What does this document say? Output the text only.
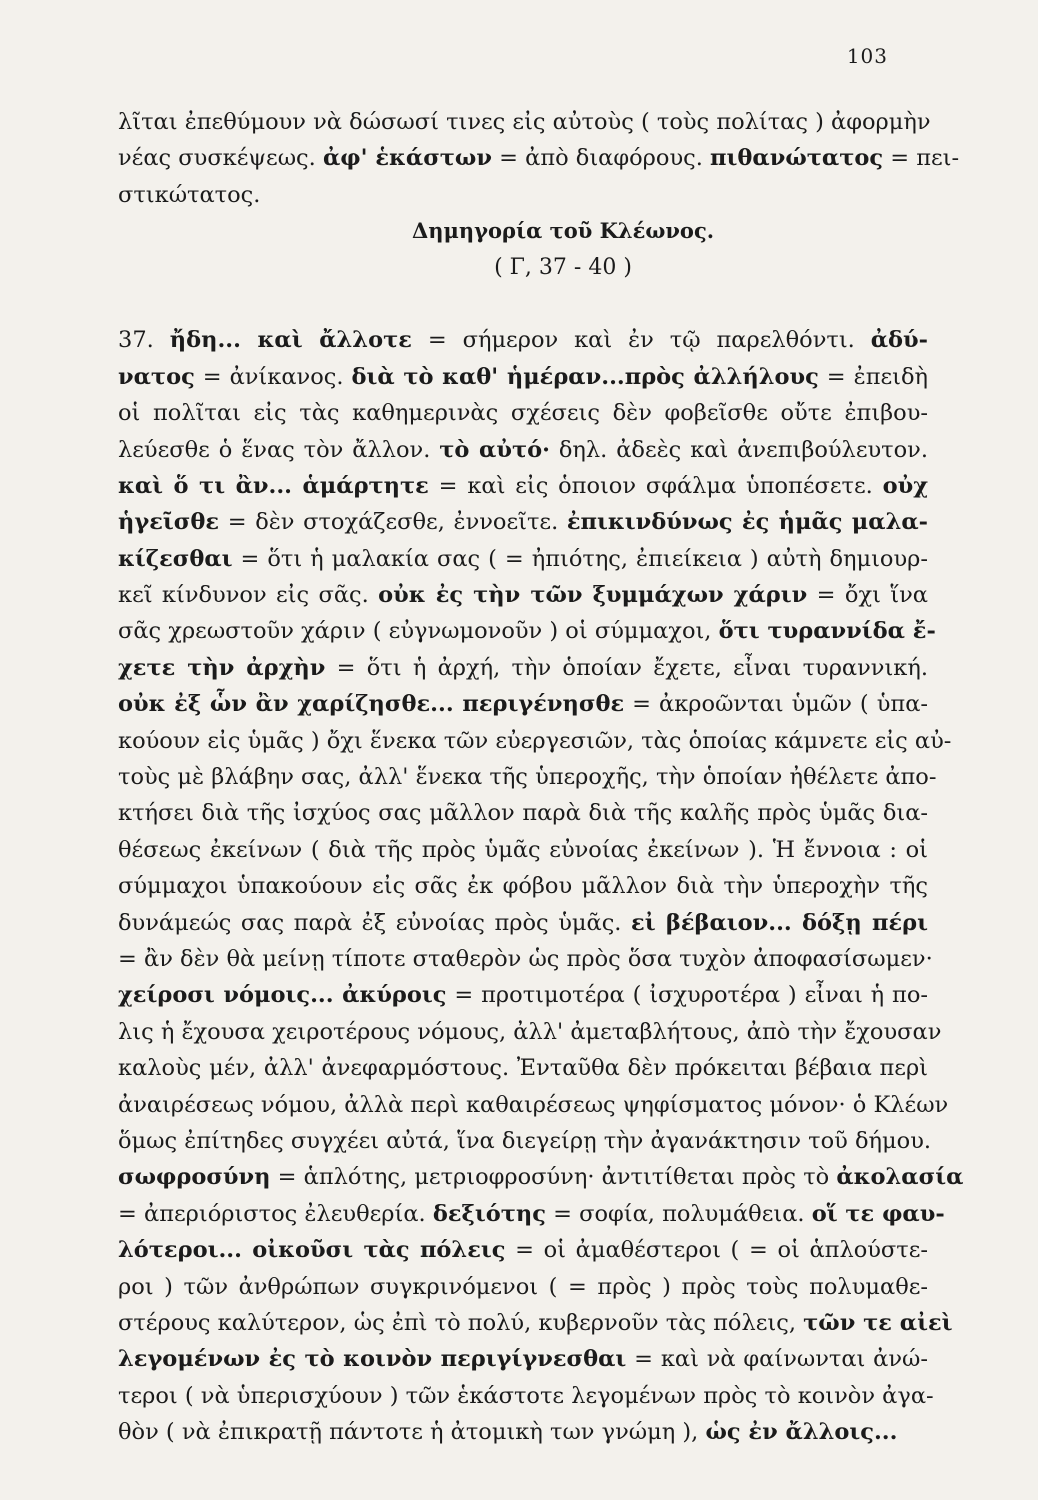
103
λῖται ἐπεθύμουν νὰ δώσωσί τινες εἰς αὐτοὺς ( τοὺς πολίτας ) ἀφορμὴν
νέας συσκέψεως. ἀφ' ἑκάστων = ἀπὸ διαφόρους. πιθανώτατος = πει-
στικώτατος.
Δημηγορία τοῦ Κλέωνος.
( Γ, 37 - 40 )
37. ἤδη... καὶ ἄλλοτε = σήμερον καὶ ἐν τῷ παρελθόντι. ἀδύ-
νατος = ἀνίκανος. διὰ τὸ καθ' ἡμέραν...πρὸς ἀλλήλους = ἐπειδὴ
οἱ πολῖται εἰς τὰς καθημερινὰς σχέσεις δὲν φοβεῖσθε οὔτε ἐπιβου-
λεύεσθε ὁ ἕνας τὸν ἄλλον. τὸ αὐτό· δηλ. ἀδεὲς καὶ ἀνεπιβούλευτον.
καὶ ὅ τι ἂν... ἁμάρτητε = καὶ εἰς ὁποιον σφάλμα ὑποπέσετε. οὐχ
ἡγεῖσθε = δὲν στοχάζεσθε, ἐννοεῖτε. ἐπικινδύνως ἐς ἡμᾶς μαλα-
κίζεσθαι = ὅτι ἡ μαλακία σας ( = ἠπιότης, ἐπιείκεια ) αὐτὴ δημιουρ-
κεῖ κίνδυνον εἰς σᾶς. οὐκ ἐς τὴν τῶν ξυμμάχων χάριν = ὄχι ἵνα
σᾶς χρεωστοῦν χάριν ( εὐγνωμονοῦν ) οἱ σύμμαχοι, ὅτι τυραννίδα ἔ-
χετε τὴν ἀρχὴν = ὅτι ἡ ἀρχή, τὴν ὁποίαν ἔχετε, εἶναι τυραννική.
οὐκ ἐξ ὧν ἂν χαρίζησθε... περιγένησθε = ἀκροῶνται ὑμῶν ( ὑπα-
κούουν εἰς ὑμᾶς ) ὄχι ἕνεκα τῶν εὐεργεσιῶν, τὰς ὁποίας κάμνετε εἰς αὐ-
τοὺς μὲ βλάβην σας, ἀλλ' ἕνεκα τῆς ὑπεροχῆς, τὴν ὁποίαν ἠθέλετε ἀπο-
κτήσει διὰ τῆς ἰσχύος σας μᾶλλον παρὰ διὰ τῆς καλῆς πρὸς ὑμᾶς δια-
θέσεως ἐκείνων ( διὰ τῆς πρὸς ὑμᾶς εὐνοίας ἐκείνων ). Ἡ ἔννοια : οἱ
σύμμαχοι ὑπακούουν εἰς σᾶς ἐκ φόβου μᾶλλον διὰ τὴν ὑπεροχὴν τῆς
δυνάμεώς σας παρὰ ἐξ εὐνοίας πρὸς ὑμᾶς. εἰ βέβαιον... δόξῃ πέρι
= ἂν δὲν θὰ μείνῃ τίποτε σταθερὸν ὡς πρὸς ὅσα τυχὸν ἀποφασίσωμεν·
χείροσι νόμοις... ἀκύροις = προτιμοτέρα ( ἰσχυροτέρα ) εἶναι ἡ πο-
λις ἡ ἔχουσα χειροτέρους νόμους, ἀλλ' ἀμεταβλήτους, ἀπὸ τὴν ἔχουσαν
καλοὺς μέν, ἀλλ' ἀνεφαρμόστους. Ἐνταῦθα δὲν πρόκειται βέβαια περὶ
ἀναιρέσεως νόμου, ἀλλὰ περὶ καθαιρέσεως ψηφίσματος μόνον· ὁ Κλέων
ὅμως ἐπίτηδες συγχέει αὐτά, ἵνα διεγείρῃ τὴν ἀγανάκτησιν τοῦ δήμου.
σωφροσύνη = ἁπλότης, μετριοφροσύνη· ἀντιτίθεται πρὸς τὸ ἀκολασία
= ἀπεριόριστος ἐλευθερία. δεξιότης = σοφία, πολυμάθεια. οἵ τε φαυ-
λότεροι... οἰκοῦσι τὰς πόλεις = οἱ ἀμαθέστεροι ( = οἱ ἁπλούστε-
ροι ) τῶν ἀνθρώπων συγκρινόμενοι ( = πρὸς ) πρὸς τοὺς πολυμαθε-
στέρους καλύτερον, ὡς ἐπὶ τὸ πολύ, κυβερνοῦν τὰς πόλεις, τῶν τε αἰεὶ
λεγομένων ἐς τὸ κοινὸν περιγίγνεσθαι = καὶ νὰ φαίνωνται ἀνώ-
τεροι ( νὰ ὑπερισχύουν ) τῶν ἑκάστοτε λεγομένων πρὸς τὸ κοινὸν ἀγα-
θὸν ( νὰ ἐπικρατῇ πάντοτε ἡ ἀτομικὴ των γνώμη ), ὡς ἐν ἄλλοις...
